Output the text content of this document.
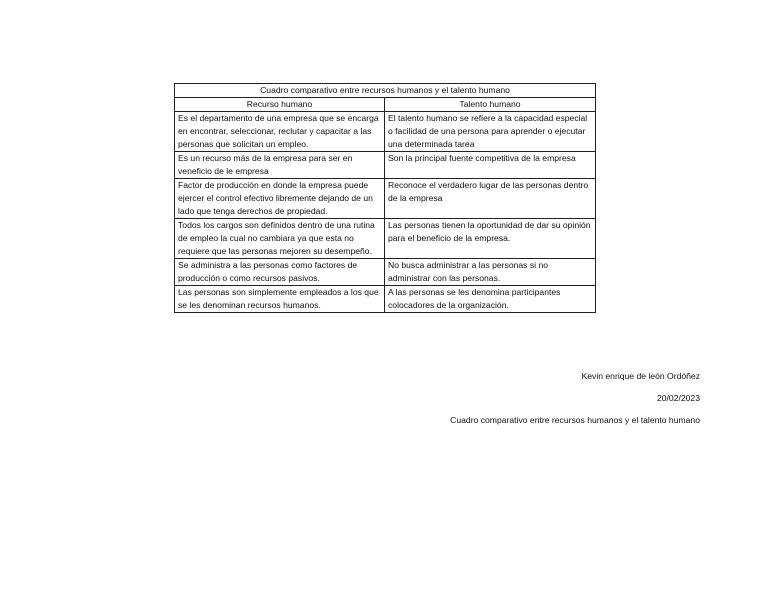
Cuadro comparativo entre recursos humanos y el talento humano	
Recurso humano	Talento humano
Es el departamento de una empresa que se encarga en encontrar, seleccionar, reclutar y capacitar a las personas que solicitan un empleo.	El talento humano se refiere a la capacidad especial o facilidad de una persona para aprender o ejecutar una determinada tarea
Es un recurso más de la empresa para ser en veneficio de le empresa	Son la principal fuente competitiva de la empresa
Factor de producción en donde la empresa puede ejercer el control efectivo libremente dejando de un lado que tenga derechos de propiedad.	Reconoce el verdadero lugar de las personas dentro de la empresa
Todos los cargos son definidos dentro de una rutina de empleo la cual no cambiara ya que esta no requiere que las personas mejoren su desempeño.	Las personas tienen la oportunidad de dar su opinión para el beneficio de la empresa.
Se administra a las personas como factores de producción o como recursos pasivos.	No busca administrar a las personas si no administrar con las personas.
Las personas son simplemente empleados a los que se les denominan recursos humanos.	A las personas se les denomina participantes colocadores de la organización.
Kevin enrique de león Ordóñez
20/02/2023
Cuadro comparativo entre recursos humanos y el talento humano
